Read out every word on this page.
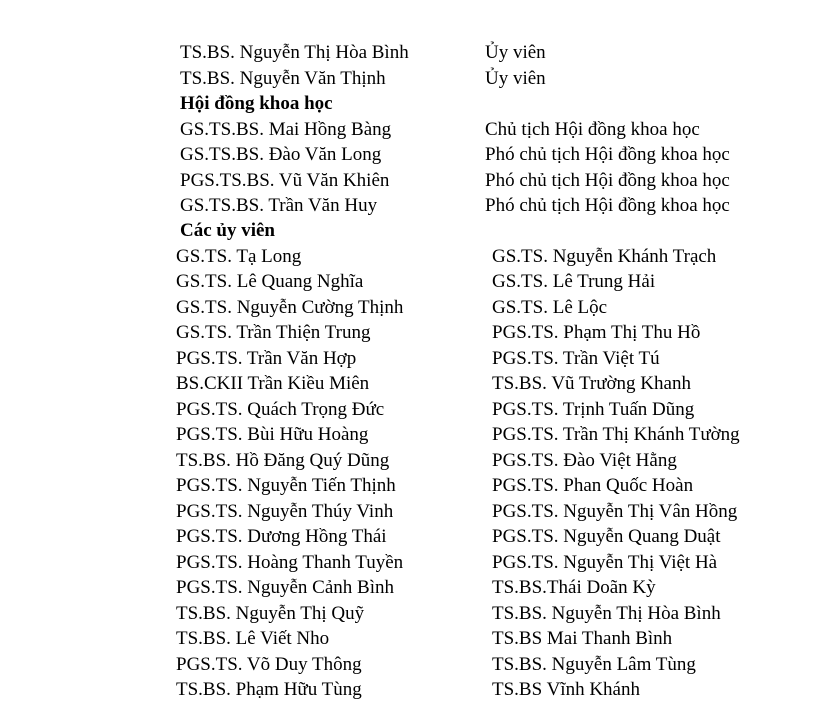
TS.BS. Nguyễn Thị Hòa Bình	Ủy viên
TS.BS. Nguyễn Văn Thịnh	Ủy viên
Hội đồng khoa học
GS.TS.BS. Mai Hồng Bàng	Chủ tịch Hội đồng khoa học
GS.TS.BS. Đào Văn Long	Phó chủ tịch Hội đồng khoa học
PGS.TS.BS. Vũ Văn Khiên	Phó chủ tịch Hội đồng khoa học
GS.TS.BS. Trần Văn Huy	Phó chủ tịch Hội đồng khoa học
Các ủy viên
GS.TS. Tạ Long	GS.TS. Nguyễn Khánh Trạch
GS.TS. Lê Quang Nghĩa	GS.TS. Lê Trung Hải
GS.TS. Nguyễn Cường Thịnh	GS.TS. Lê Lộc
GS.TS. Trần Thiện Trung	PGS.TS. Phạm Thị Thu Hồ
PGS.TS. Trần Văn Hợp	PGS.TS. Trần Việt Tú
BS.CKII Trần Kiều Miên	TS.BS. Vũ Trường Khanh
PGS.TS. Quách Trọng Đức	PGS.TS. Trịnh Tuấn Dũng
PGS.TS. Bùi Hữu Hoàng	PGS.TS. Trần Thị Khánh Tường
TS.BS. Hồ Đăng Quý Dũng	PGS.TS. Đào Việt Hằng
PGS.TS. Nguyễn Tiến Thịnh	PGS.TS. Phan Quốc Hoàn
PGS.TS. Nguyễn Thúy Vinh	PGS.TS. Nguyễn Thị Vân Hồng
PGS.TS. Dương Hồng Thái	PGS.TS. Nguyễn Quang Duật
PGS.TS. Hoàng Thanh Tuyền	PGS.TS. Nguyễn Thị Việt Hà
PGS.TS. Nguyễn Cảnh Bình	TS.BS.Thái Doãn Kỳ
TS.BS. Nguyễn Thị Quỹ	TS.BS. Nguyễn Thị Hòa Bình
TS.BS. Lê Viết Nho	TS.BS Mai Thanh Bình
PGS.TS. Võ Duy Thông	TS.BS. Nguyễn Lâm Tùng
TS.BS. Phạm Hữu Tùng	TS.BS Vĩnh Khánh
